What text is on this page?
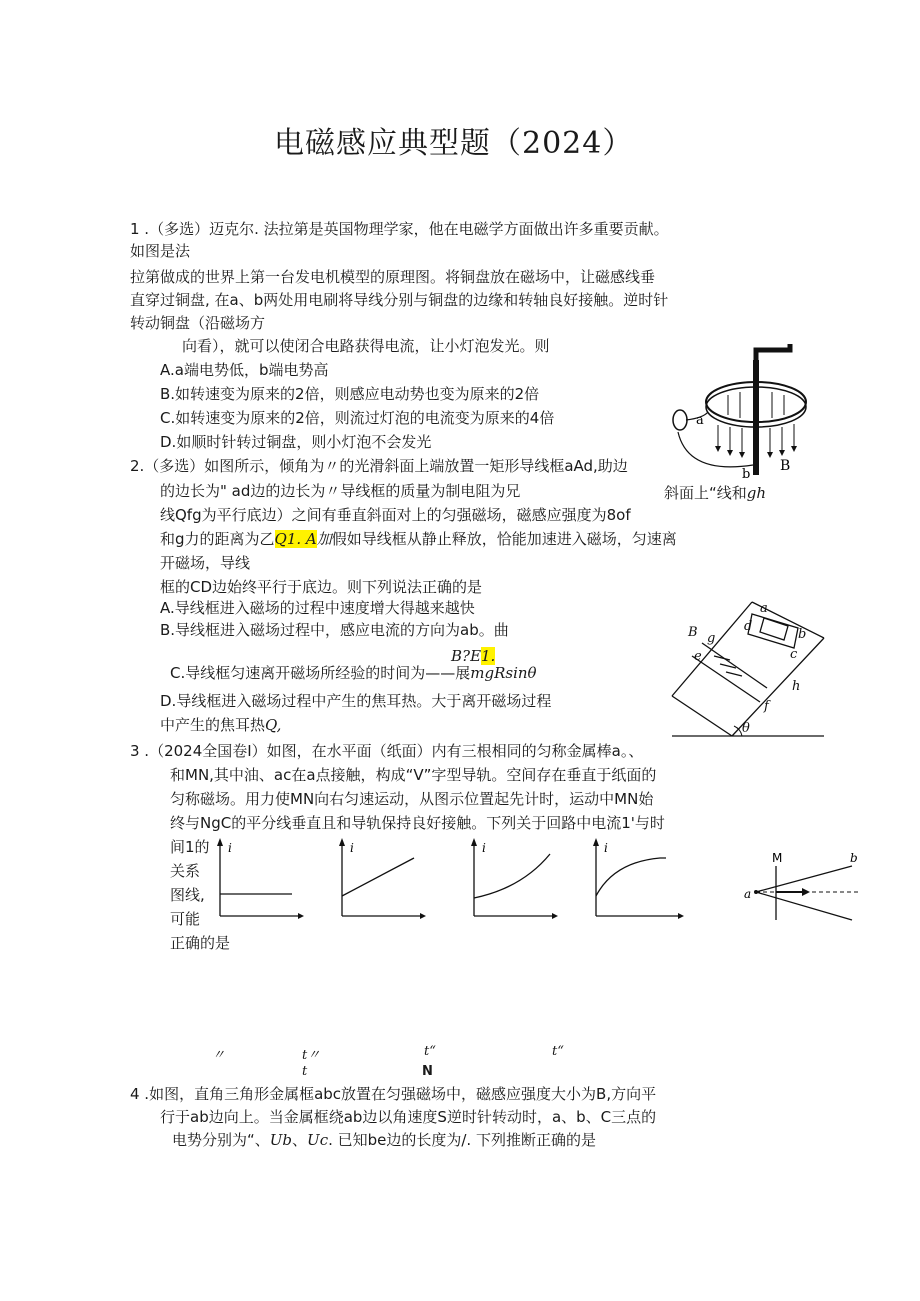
电磁感应典型题（2024）
1 .（多选）迈克尔. 法拉第是英国物理学家，他在电磁学方面做出许多重要贡献。
如图是法
拉第做成的世界上第一台发电机模型的原理图。将铜盘放在磁场中，让磁感线垂
直穿过铜盘, 在a、b两处用电刷将导线分别与铜盘的边缘和转轴良好接触。逆时针
转动铜盘（沿磁场方
向看），就可以使闭合电路获得电流，让小灯泡发光。则
A.a端电势低，b端电势高
B.如转速变为原来的2倍，则感应电动势也变为原来的2倍
C.如转速变为原来的2倍，则流过灯泡的电流变为原来的4倍
D.如顺时针转过铜盘，则小灯泡不会发光
a
b
B
2.（多选）如图所示，倾角为〃的光滑斜面上端放置一矩形导线框aAd,助边
斜面上“线和gh
的边长为" ad边的边长为〃导线框的质量为制电阻为兄
线Qfg为平行底边）之间有垂直斜面对上的匀强磁场，磁感应强度为8of
和g力的距离为乙Q1. A加假如导线框从静止释放，恰能加速进入磁场，匀速离
开磁场，导线
框的CD边始终平行于底边。则下列说法正确的是
A.导线框进入磁场的过程中速度增大得越来越快
B.导线框进入磁场过程中，感应电流的方向为ab。曲
B?E1.
C.导线框匀速离开磁场所经验的时间为——展mgRsinθ
D.导线框进入磁场过程中产生的焦耳热。大于离开磁场过程
中产生的焦耳热Q,
B g
e
d
a
b
c
h
f
θ
3 .（2024全国卷I）如图，在水平面（纸面）内有三根相同的匀称金属棒a。、
和MN,其中油、ac在a点接触，构成“V”字型导轨。空间存在垂直于纸面的
匀称磁场。用力使MN向右匀速运动，从图示位置起先计时，运动中MN始
终与NgC的平分线垂直且和导轨保持良好接触。下列关于回路中电流1'与时
间1的
关系
图线,
可能
正确的是
i	i	i	i
M	b
a
〃	t〃	t“	t“
t	N
4 .如图，直角三角形金属框abc放置在匀强磁场中，磁感应强度大小为B,方向平
行于ab边向上。当金属框绕ab边以角速度S逆时针转动时，a、b、C三点的
电势分别为“、Ub、Uc. 已知be边的长度为/. 下列推断正确的是
